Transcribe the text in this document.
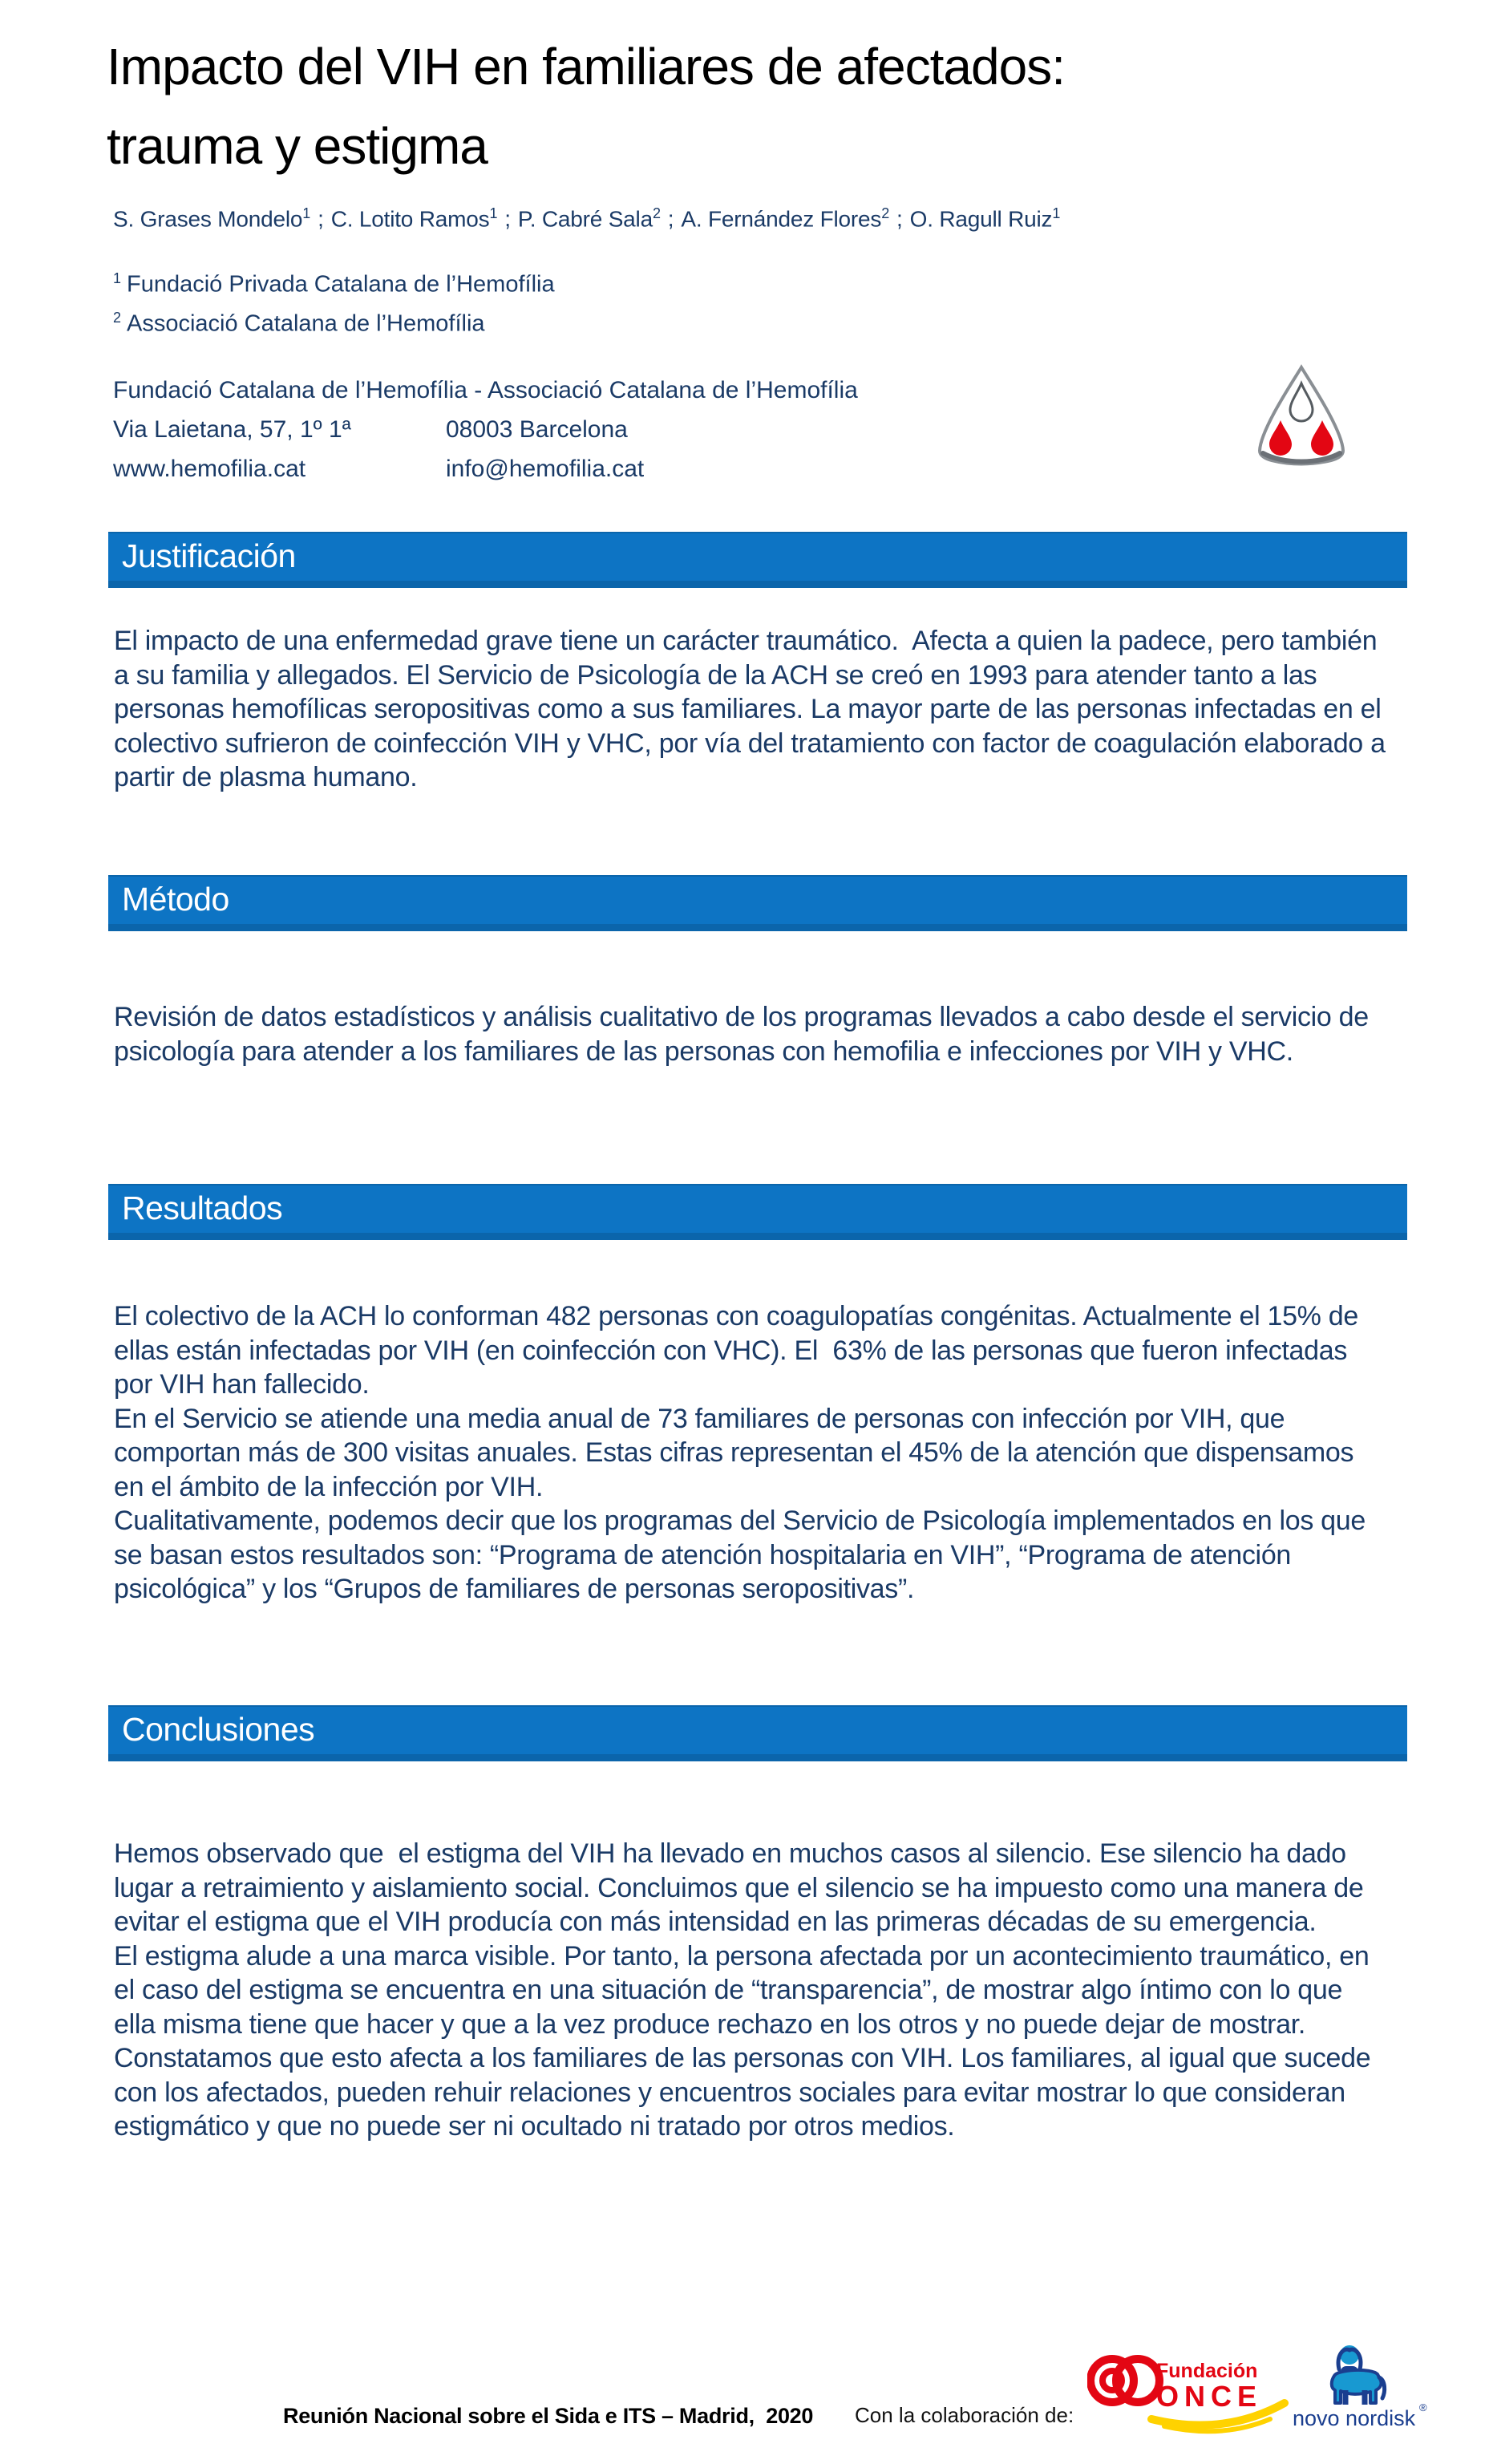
Impacto del VIH en familiares de afectados:
trauma y estigma
S. Grases Mondelo$^1$ ; C. Lotito Ramos$^1$ ; P. Cabré Sala$^2$ ; A. Fernández Flores$^2$ ; O. Ragull Ruiz$^1$
$^1$ Fundació Privada Catalana de l’Hemofília
$^2$ Associació Catalana de l’Hemofília
Fundació Catalana de l’Hemofília - Associació Catalana de l’Hemofília
Via Laietana, 57, 1º 1ª	08003 Barcelona
www.hemofilia.cat	info@hemofilia.cat
Justificación
Método
Resultados
Conclusiones
El impacto de una enfermedad grave tiene un carácter traumático.  Afecta a quien la padece, pero también a su familia y allegados. El Servicio de Psicología de la ACH se creó en 1993 para atender tanto a las personas hemofílicas seropositivas como a sus familiares. La mayor parte de las personas infectadas en el colectivo sufrieron de coinfección VIH y VHC, por vía del tratamiento con factor de coagulación elaborado a partir de plasma humano.
Revisión de datos estadísticos y análisis cualitativo de los programas llevados a cabo desde el servicio de psicología para atender a los familiares de las personas con hemofilia e infecciones por VIH y VHC.
El colectivo de la ACH lo conforman 482 personas con coagulopatías congénitas. Actualmente el 15% de ellas están infectadas por VIH (en coinfección con VHC). El  63% de las personas que fueron infectadas por VIH han fallecido.
En el Servicio se atiende una media anual de 73 familiares de personas con infección por VIH, que comportan más de 300 visitas anuales. Estas cifras representan el 45% de la atención que dispensamos en el ámbito de la infección por VIH.
Cualitativamente, podemos decir que los programas del Servicio de Psicología implementados en los que se basan estos resultados son: “Programa de atención hospitalaria en VIH”, “Programa de atención psicológica” y los “Grupos de familiares de personas seropositivas”.
Hemos observado que  el estigma del VIH ha llevado en muchos casos al silencio. Ese silencio ha dado lugar a retraimiento y aislamiento social. Concluimos que el silencio se ha impuesto como una manera de evitar el estigma que el VIH producía con más intensidad en las primeras décadas de su emergencia.
El estigma alude a una marca visible. Por tanto, la persona afectada por un acontecimiento traumático, en el caso del estigma se encuentra en una situación de “transparencia”, de mostrar algo íntimo con lo que ella misma tiene que hacer y que a la vez produce rechazo en los otros y no puede dejar de mostrar. Constatamos que esto afecta a los familiares de las personas con VIH. Los familiares, al igual que sucede con los afectados, pueden rehuir relaciones y encuentros sociales para evitar mostrar lo que consideran estigmático y que no puede ser ni ocultado ni tratado por otros medios.
Reunión Nacional sobre el Sida e ITS – Madrid,  2020 Con la colaboración de:
Fundación
ONCE
novo nordisk ®
